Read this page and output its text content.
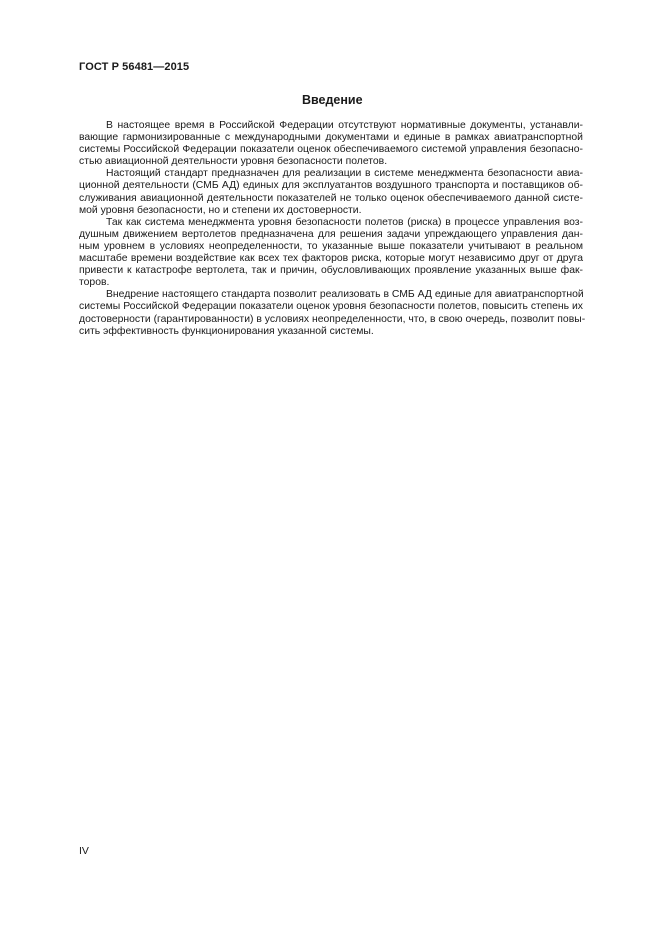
ГОСТ Р 56481—2015
Введение

В настоящее время в Российской Федерации отсутствуют нормативные документы, устанавли-
вающие гармонизированные с международными документами и единые в рамках авиатранспортной
системы Российской Федерации показатели оценок обеспечиваемого системой управления безопасно-
стью авиационной деятельности уровня безопасности полетов.

Настоящий стандарт предназначен для реализации в системе менеджмента безопасности авиа-
ционной деятельности (СМБ АД) единых для эксплуатантов воздушного транспорта и поставщиков об-
служивания авиационной деятельности показателей не только оценок обеспечиваемого данной систе-
мой уровня безопасности, но и степени их достоверности.

Так как система менеджмента уровня безопасности полетов (риска) в процессе управления воз-
душным движением вертолетов предназначена для решения задачи упреждающего управления дан-
ным уровнем в условиях неопределенности, то указанные выше показатели учитывают в реальном
масштабе времени воздействие как всех тех факторов риска, которые могут независимо друг от друга
привести к катастрофе вертолета, так и причин, обусловливающих проявление указанных выше фак-
торов.

Внедрение настоящего стандарта позволит реализовать в СМБ АД единые для авиатранспортной
системы Российской Федерации показатели оценок уровня безопасности полетов, повысить степень их
достоверности (гарантированности) в условиях неопределенности, что, в свою очередь, позволит повы-
сить эффективность функционирования указанной системы.

IV
